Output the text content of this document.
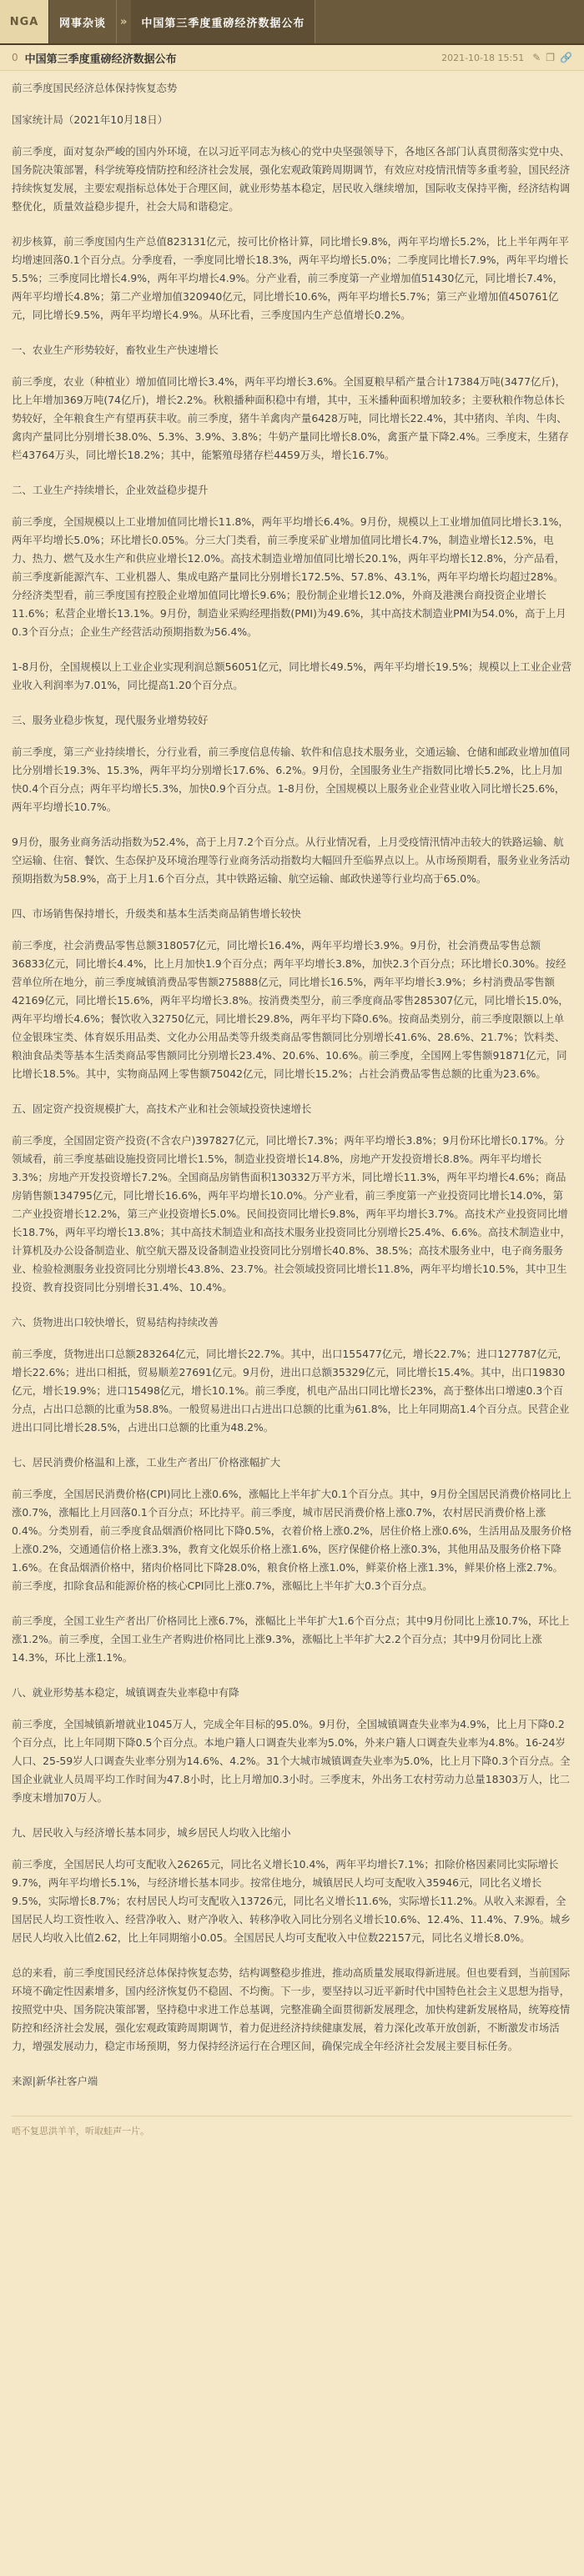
NGA	网事杂谈	»	中国第三季度重磅经济数据公布
0 中国第三季度重磅经济数据公布	2021-10-18 15:51 ✎ ❐ 🔗

前三季度国民经济总体保持恢复态势

国家统计局（2021年10月18日）

前三季度，面对复杂严峻的国内外环境，在以习近平同志为核心的党中央坚强领导下，各地区各部门认真贯彻落实党中央、国务院决策部署，科学统筹疫情防控和经济社会发展，强化宏观政策跨周期调节，有效应对疫情汛情等多重考验，国民经济持续恢复发展，主要宏观指标总体处于合理区间，就业形势基本稳定，居民收入继续增加，国际收支保持平衡，经济结构调整优化，质量效益稳步提升，社会大局和谐稳定。

初步核算，前三季度国内生产总值823131亿元，按可比价格计算，同比增长9.8%，两年平均增长5.2%，比上半年两年平均增速回落0.1个百分点。分季度看，一季度同比增长18.3%，两年平均增长5.0%；二季度同比增长7.9%，两年平均增长5.5%；三季度同比增长4.9%，两年平均增长4.9%。分产业看，前三季度第一产业增加值51430亿元，同比增长7.4%，两年平均增长4.8%；第二产业增加值320940亿元，同比增长10.6%，两年平均增长5.7%；第三产业增加值450761亿元，同比增长9.5%，两年平均增长4.9%。从环比看，三季度国内生产总值增长0.2%。

一、农业生产形势较好，畜牧业生产快速增长

前三季度，农业（种植业）增加值同比增长3.4%，两年平均增长3.6%。全国夏粮早稻产量合计17384万吨(3477亿斤)，比上年增加369万吨(74亿斤)，增长2.2%。秋粮播种面积稳中有增，其中，玉米播种面积增加较多；主要秋粮作物总体长势较好，全年粮食生产有望再获丰收。前三季度，猪牛羊禽肉产量6428万吨，同比增长22.4%，其中猪肉、羊肉、牛肉、禽肉产量同比分别增长38.0%、5.3%、3.9%、3.8%；牛奶产量同比增长8.0%，禽蛋产量下降2.4%。三季度末，生猪存栏43764万头，同比增长18.2%；其中，能繁殖母猪存栏4459万头，增长16.7%。

二、工业生产持续增长，企业效益稳步提升

前三季度，全国规模以上工业增加值同比增长11.8%，两年平均增长6.4%。9月份，规模以上工业增加值同比增长3.1%，两年平均增长5.0%；环比增长0.05%。分三大门类看，前三季度采矿业增加值同比增长4.7%，制造业增长12.5%，电力、热力、燃气及水生产和供应业增长12.0%。高技术制造业增加值同比增长20.1%，两年平均增长12.8%，分产品看，前三季度新能源汽车、工业机器人、集成电路产量同比分别增长172.5%、57.8%、43.1%，两年平均增长均超过28%。分经济类型看，前三季度国有控股企业增加值同比增长9.6%；股份制企业增长12.0%，外商及港澳台商投资企业增长11.6%；私营企业增长13.1%。9月份，制造业采购经理指数(PMI)为49.6%，其中高技术制造业PMI为54.0%，高于上月0.3个百分点；企业生产经营活动预期指数为56.4%。

1-8月份，全国规模以上工业企业实现利润总额56051亿元，同比增长49.5%，两年平均增长19.5%；规模以上工业企业营业收入利润率为7.01%，同比提高1.20个百分点。

三、服务业稳步恢复，现代服务业增势较好

前三季度，第三产业持续增长，分行业看，前三季度信息传输、软件和信息技术服务业，交通运输、仓储和邮政业增加值同比分别增长19.3%、15.3%，两年平均分别增长17.6%、6.2%。9月份，全国服务业生产指数同比增长5.2%，比上月加快0.4个百分点；两年平均增长5.3%，加快0.9个百分点。1-8月份，全国规模以上服务业企业营业收入同比增长25.6%，两年平均增长10.7%。

9月份，服务业商务活动指数为52.4%，高于上月7.2个百分点。从行业情况看，上月受疫情汛情冲击较大的铁路运输、航空运输、住宿、餐饮、生态保护及环境治理等行业商务活动指数均大幅回升至临界点以上。从市场预期看，服务业业务活动预期指数为58.9%，高于上月1.6个百分点，其中铁路运输、航空运输、邮政快递等行业均高于65.0%。

四、市场销售保持增长，升级类和基本生活类商品销售增长较快

前三季度，社会消费品零售总额318057亿元，同比增长16.4%，两年平均增长3.9%。9月份，社会消费品零售总额36833亿元，同比增长4.4%，比上月加快1.9个百分点；两年平均增长3.8%，加快2.3个百分点；环比增长0.30%。按经营单位所在地分，前三季度城镇消费品零售额275888亿元，同比增长16.5%，两年平均增长3.9%；乡村消费品零售额42169亿元，同比增长15.6%，两年平均增长3.8%。按消费类型分，前三季度商品零售285307亿元，同比增长15.0%，两年平均增长4.6%；餐饮收入32750亿元，同比增长29.8%，两年平均下降0.6%。按商品类别分，前三季度限额以上单位金银珠宝类、体育娱乐用品类、文化办公用品类等升级类商品零售额同比分别增长41.6%、28.6%、21.7%；饮料类、粮油食品类等基本生活类商品零售额同比分别增长23.4%、20.6%、10.6%。前三季度，全国网上零售额91871亿元，同比增长18.5%。其中，实物商品网上零售额75042亿元，同比增长15.2%；占社会消费品零售总额的比重为23.6%。

五、固定资产投资规模扩大，高技术产业和社会领域投资快速增长

前三季度，全国固定资产投资(不含农户)397827亿元，同比增长7.3%；两年平均增长3.8%；9月份环比增长0.17%。分领域看，前三季度基础设施投资同比增长1.5%，制造业投资增长14.8%，房地产开发投资增长8.8%。两年平均增长3.3%；房地产开发投资增长7.2%。全国商品房销售面积130332万平方米，同比增长11.3%，两年平均增长4.6%；商品房销售额134795亿元，同比增长16.6%，两年平均增长10.0%。分产业看，前三季度第一产业投资同比增长14.0%，第二产业投资增长12.2%，第三产业投资增长5.0%。民间投资同比增长9.8%，两年平均增长3.7%。高技术产业投资同比增长18.7%，两年平均增长13.8%；其中高技术制造业和高技术服务业投资同比分别增长25.4%、6.6%。高技术制造业中，计算机及办公设备制造业、航空航天器及设备制造业投资同比分别增长40.8%、38.5%；高技术服务业中，电子商务服务业、检验检测服务业投资同比分别增长43.8%、23.7%。社会领域投资同比增长11.8%，两年平均增长10.5%，其中卫生投资、教育投资同比分别增长31.4%、10.4%。

六、货物进出口较快增长，贸易结构持续改善

前三季度，货物进出口总额283264亿元，同比增长22.7%。其中，出口155477亿元，增长22.7%；进口127787亿元，增长22.6%；进出口相抵，贸易顺差27691亿元。9月份，进出口总额35329亿元，同比增长15.4%。其中，出口19830亿元，增长19.9%；进口15498亿元，增长10.1%。前三季度，机电产品出口同比增长23%，高于整体出口增速0.3个百分点，占出口总额的比重为58.8%。一般贸易进出口占进出口总额的比重为61.8%，比上年同期高1.4个百分点。民营企业进出口同比增长28.5%，占进出口总额的比重为48.2%。

七、居民消费价格温和上涨，工业生产者出厂价格涨幅扩大

前三季度，全国居民消费价格(CPI)同比上涨0.6%，涨幅比上半年扩大0.1个百分点。其中，9月份全国居民消费价格同比上涨0.7%，涨幅比上月回落0.1个百分点；环比持平。前三季度，城市居民消费价格上涨0.7%，农村居民消费价格上涨0.4%。分类别看，前三季度食品烟酒价格同比下降0.5%，衣着价格上涨0.2%，居住价格上涨0.6%，生活用品及服务价格上涨0.2%，交通通信价格上涨3.3%，教育文化娱乐价格上涨1.6%，医疗保健价格上涨0.3%，其他用品及服务价格下降1.6%。在食品烟酒价格中，猪肉价格同比下降28.0%，粮食价格上涨1.0%，鲜菜价格上涨1.3%，鲜果价格上涨2.7%。前三季度，扣除食品和能源价格的核心CPI同比上涨0.7%，涨幅比上半年扩大0.3个百分点。

前三季度，全国工业生产者出厂价格同比上涨6.7%，涨幅比上半年扩大1.6个百分点；其中9月份同比上涨10.7%，环比上涨1.2%。前三季度，全国工业生产者购进价格同比上涨9.3%，涨幅比上半年扩大2.2个百分点；其中9月份同比上涨14.3%，环比上涨1.1%。

八、就业形势基本稳定，城镇调查失业率稳中有降

前三季度，全国城镇新增就业1045万人，完成全年目标的95.0%。9月份，全国城镇调查失业率为4.9%，比上月下降0.2个百分点，比上年同期下降0.5个百分点。本地户籍人口调查失业率为5.0%，外来户籍人口调查失业率为4.8%。16-24岁人口、25-59岁人口调查失业率分别为14.6%、4.2%。31个大城市城镇调查失业率为5.0%，比上月下降0.3个百分点。全国企业就业人员周平均工作时间为47.8小时，比上月增加0.3小时。三季度末，外出务工农村劳动力总量18303万人，比二季度末增加70万人。

九、居民收入与经济增长基本同步，城乡居民人均收入比缩小

前三季度，全国居民人均可支配收入26265元，同比名义增长10.4%，两年平均增长7.1%；扣除价格因素同比实际增长9.7%，两年平均增长5.1%，与经济增长基本同步。按常住地分，城镇居民人均可支配收入35946元，同比名义增长9.5%，实际增长8.7%；农村居民人均可支配收入13726元，同比名义增长11.6%，实际增长11.2%。从收入来源看，全国居民人均工资性收入、经营净收入、财产净收入、转移净收入同比分别名义增长10.6%、12.4%、11.4%、7.9%。城乡居民人均收入比值2.62，比上年同期缩小0.05。全国居民人均可支配收入中位数22157元，同比名义增长8.0%。

总的来看，前三季度国民经济总体保持恢复态势，结构调整稳步推进，推动高质量发展取得新进展。但也要看到，当前国际环境不确定性因素增多，国内经济恢复仍不稳固、不均衡。下一步，要坚持以习近平新时代中国特色社会主义思想为指导，按照党中央、国务院决策部署，坚持稳中求进工作总基调，完整准确全面贯彻新发展理念，加快构建新发展格局，统筹疫情防控和经济社会发展，强化宏观政策跨周期调节，着力促进经济持续健康发展，着力深化改革开放创新，不断激发市场活力，增强发展动力，稳定市场预期，努力保持经济运行在合理区间，确保完成全年经济社会发展主要目标任务。

来源|新华社客户端

唔不复思洪羊羊，听取蛙声一片。
